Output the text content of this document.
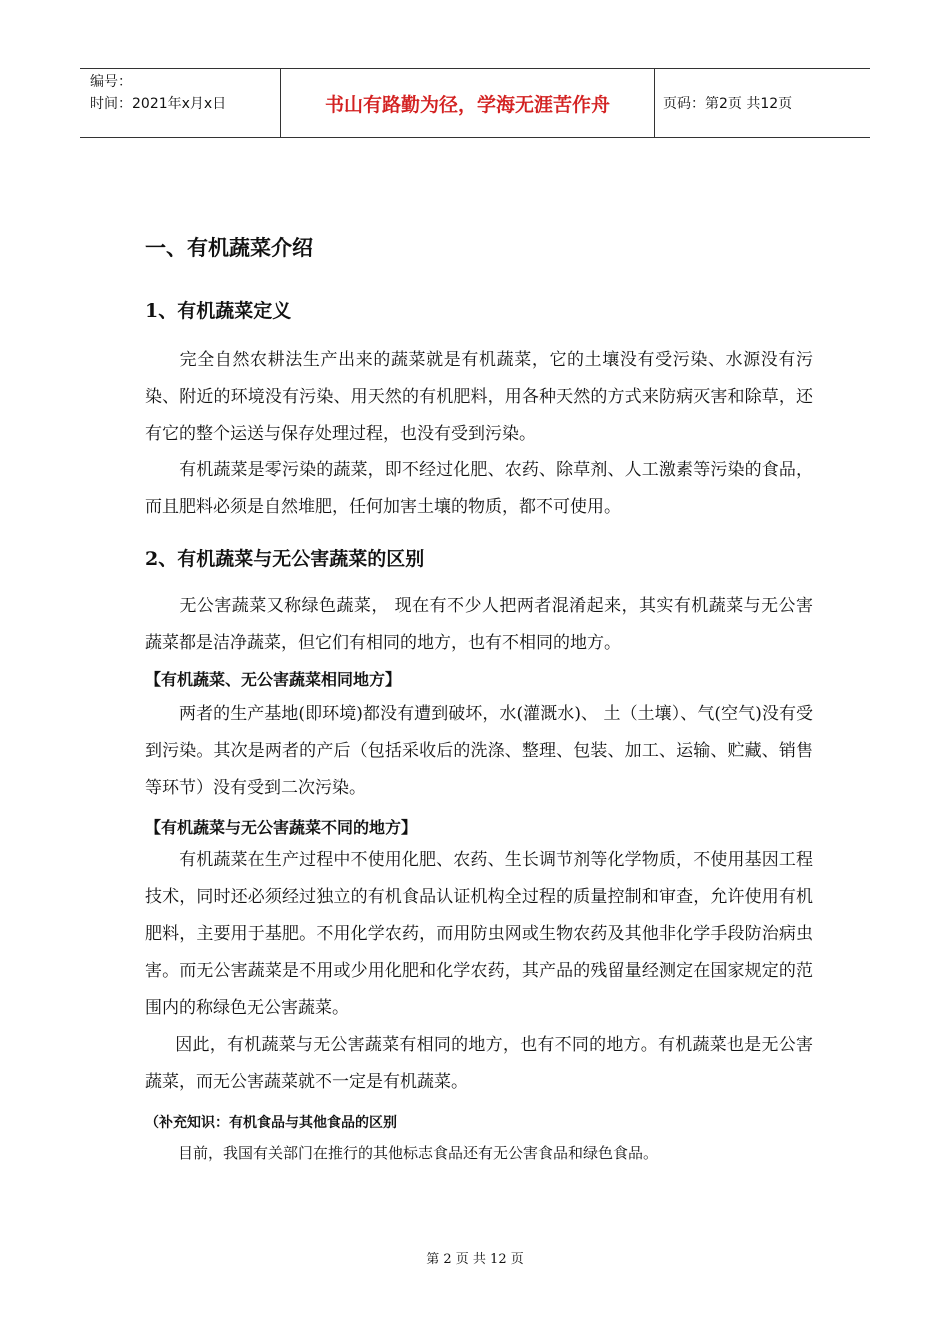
编号：
时间：2021年x月x日	书山有路勤为径，学海无涯苦作舟	页码：第2页 共12页
一、有机蔬菜介绍
1、有机蔬菜定义
完全自然农耕法生产出来的蔬菜就是有机蔬菜，它的土壤没有受污染、水源没有污染、附近的环境没有污染、用天然的有机肥料，用各种天然的方式来防病灭害和除草，还有它的整个运送与保存处理过程，也没有受到污染。
有机蔬菜是零污染的蔬菜，即不经过化肥、农药、除草剂、人工激素等污染的食品，而且肥料必须是自然堆肥，任何加害土壤的物质，都不可使用。
2、有机蔬菜与无公害蔬菜的区别
无公害蔬菜又称绿色蔬菜， 现在有不少人把两者混淆起来，其实有机蔬菜与无公害蔬菜都是洁净蔬菜，但它们有相同的地方，也有不相同的地方。
【有机蔬菜、无公害蔬菜相同地方】
两者的生产基地(即环境)都没有遭到破坏，水(灌溉水)、 土（土壤）、气(空气)没有受到污染。其次是两者的产后（包括采收后的洗涤、整理、包装、加工、运输、贮藏、销售等环节）没有受到二次污染。
【有机蔬菜与无公害蔬菜不同的地方】
有机蔬菜在生产过程中不使用化肥、农药、生长调节剂等化学物质，不使用基因工程技术，同时还必须经过独立的有机食品认证机构全过程的质量控制和审查，允许使用有机肥料，主要用于基肥。不用化学农药，而用防虫网或生物农药及其他非化学手段防治病虫害。而无公害蔬菜是不用或少用化肥和化学农药，其产品的残留量经测定在国家规定的范围内的称绿色无公害蔬菜。
因此，有机蔬菜与无公害蔬菜有相同的地方，也有不同的地方。有机蔬菜也是无公害蔬菜，而无公害蔬菜就不一定是有机蔬菜。
（补充知识：有机食品与其他食品的区别
目前，我国有关部门在推行的其他标志食品还有无公害食品和绿色食品。
第 2 页 共 12 页
